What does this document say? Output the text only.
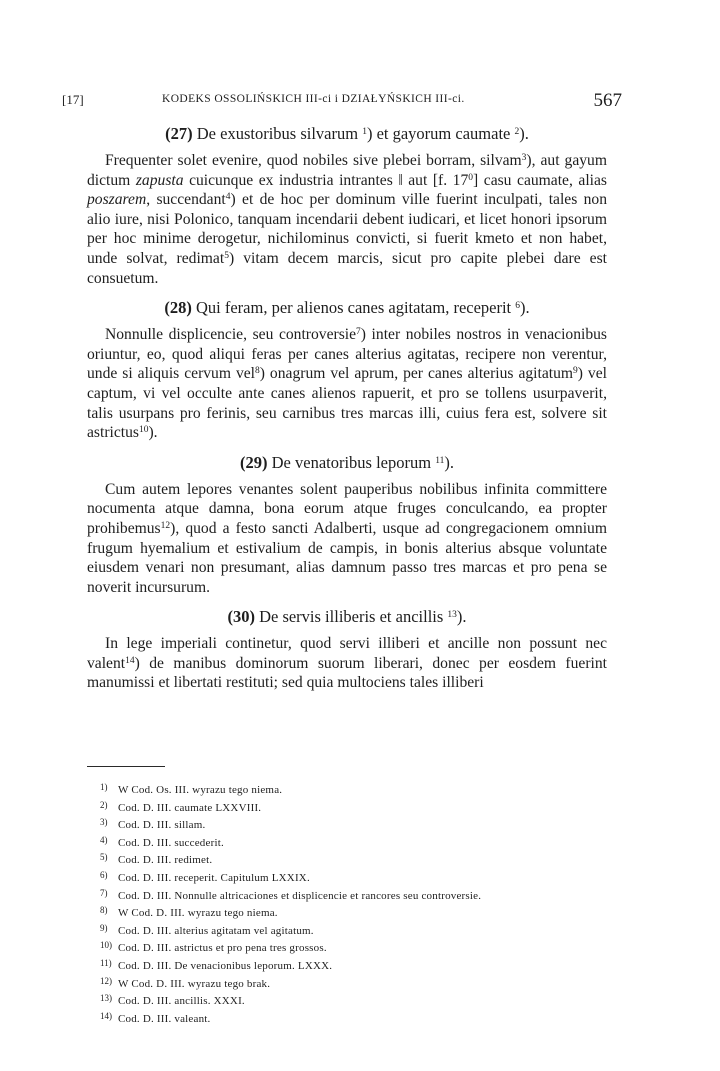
[17]	KODEKS OSSOLIŃSKICH III-ci i DZIAŁYŃSKICH III-ci.	567
(27) De exustoribus silvarum $^1$) et gayorum caumate $^2$).

Frequenter solet evenire, quod nobiles sive plebei borram, silvam$^3$), aut gayum dictum zapusta cuicunque ex industria intrantes ‖ aut [f. $17^0$] casu caumate, alias poszarem, succendant$^4$) et de hoc per dominum ville fuerint inculpati, tales non alio iure, nisi Polonico, tanquam incendarii debent iudicari, et licet honori ipsorum per hoc minime derogetur, nichilominus convicti, si fuerit kmeto et non habet, unde solvat, redimat$^5$) vitam decem marcis, sicut pro capite plebei dare est consuetum.

(28) Qui feram, per alienos canes agitatam, receperit $^6$).

Nonnulle displicencie, seu controversie$^7$) inter nobiles nostros in venacionibus oriuntur, eo, quod aliqui feras per canes alterius agitatas, recipere non verentur, unde si aliquis cervum vel$^8$) onagrum vel aprum, per canes alterius agitatum$^9$) vel captum, vi vel occulte ante canes alienos rapuerit, et pro se tollens usurpaverit, talis usurpans pro ferinis, seu carnibus tres marcas illi, cuius fera est, solvere sit astrictus$^{10}$).

(29) De venatoribus leporum $^{11}$).

Cum autem lepores venantes solent pauperibus nobilibus infinita committere nocumenta atque damna, bona eorum atque fruges conculcando, ea propter prohibemus$^{12}$), quod a festo sancti Adalberti, usque ad congregacionem omnium frugum hyemalium et estivalium de campis, in bonis alterius absque voluntate eiusdem venari non presumant, alias damnum passo tres marcas et pro pena se noverit incursurum.

(30) De servis illiberis et ancillis $^{13}$).

In lege imperiali continetur, quod servi illiberi et ancille non possunt nec valent$^{14}$) de manibus dominorum suorum liberari, donec per eosdem fuerint manumissi et libertati restituti; sed quia multociens tales illiberi

1) W Cod. Os. III. wyrazu tego niema.
2) Cod. D. III. caumate LXXVIII.
3) Cod. D. III. sillam.
4) Cod. D. III. succederit.
5) Cod. D. III. redimet.
6) Cod. D. III. receperit. Capitulum LXXIX.
7) Cod. D. III. Nonnulle altricaciones et displicencie et rancores seu controversie.
8) W Cod. D. III. wyrazu tego niema.
9) Cod. D. III. alterius agitatam vel agitatum.
10) Cod. D. III. astrictus et pro pena tres grossos.
11) Cod. D. III. De venacionibus leporum. LXXX.
12) W Cod. D. III. wyrazu tego brak.
13) Cod. D. III. ancillis. XXXI.
14) Cod. D. III. valeant.
